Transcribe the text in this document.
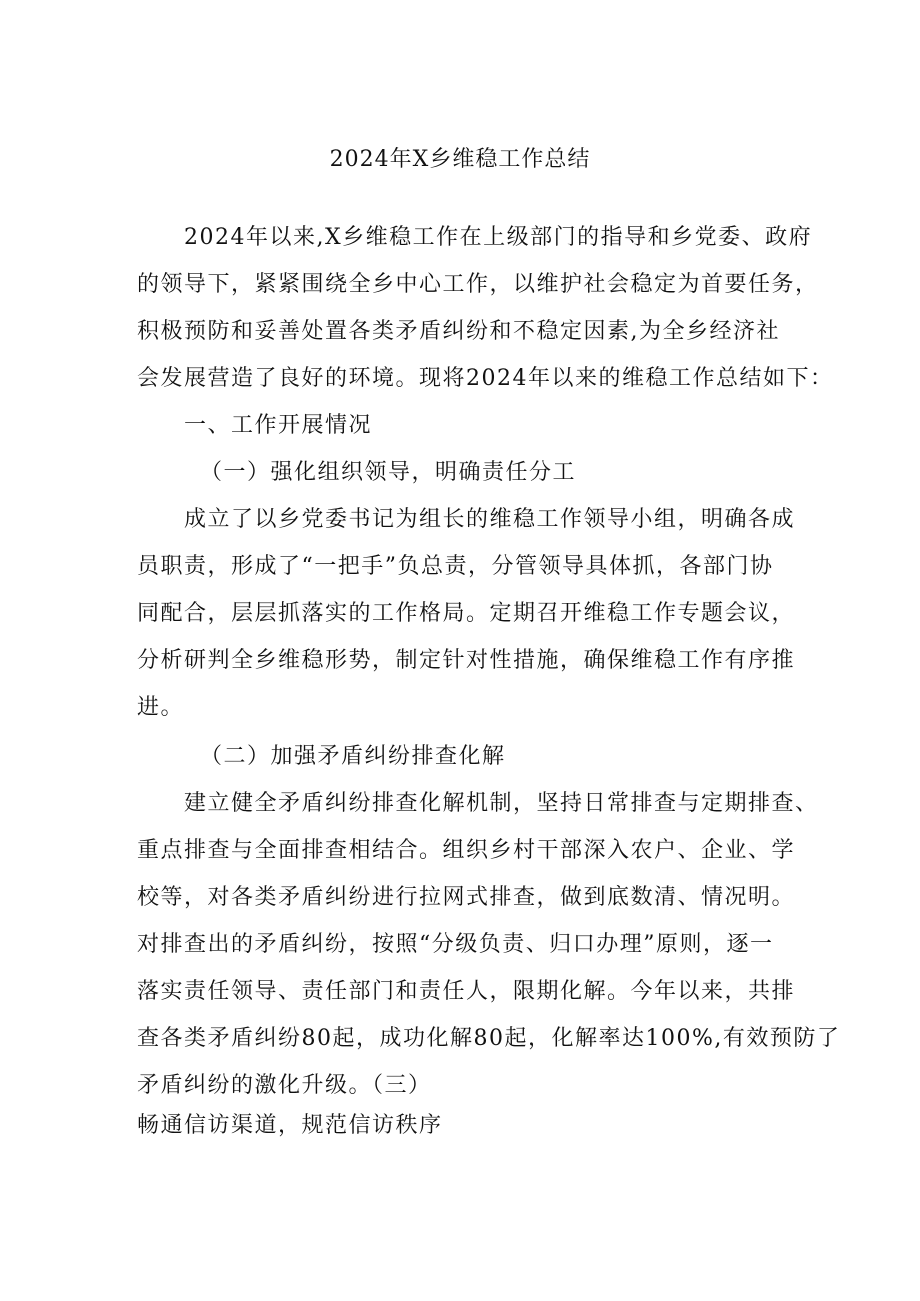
2024年X乡维稳工作总结
2024年以来,X乡维稳工作在上级部门的指导和乡党委、政府
的领导下，紧紧围绕全乡中心工作，以维护社会稳定为首要任务，
积极预防和妥善处置各类矛盾纠纷和不稳定因素,为全乡经济社
会发展营造了良好的环境。现将2024年以来的维稳工作总结如下：
一、工作开展情况
（一）强化组织领导，明确责任分工
成立了以乡党委书记为组长的维稳工作领导小组，明确各成
员职责，形成了“一把手”负总责，分管领导具体抓，各部门协
同配合，层层抓落实的工作格局。定期召开维稳工作专题会议，
分析研判全乡维稳形势，制定针对性措施，确保维稳工作有序推
进。
（二）加强矛盾纠纷排查化解
建立健全矛盾纠纷排查化解机制，坚持日常排查与定期排查、
重点排查与全面排查相结合。组织乡村干部深入农户、企业、学
校等，对各类矛盾纠纷进行拉网式排查，做到底数清、情况明。
对排查出的矛盾纠纷，按照“分级负责、归口办理”原则，逐一
落实责任领导、责任部门和责任人，限期化解。今年以来，共排
查各类矛盾纠纷80起，成功化解80起，化解率达100%,有效预防了
矛盾纠纷的激化升级。（三）
畅通信访渠道，规范信访秩序
